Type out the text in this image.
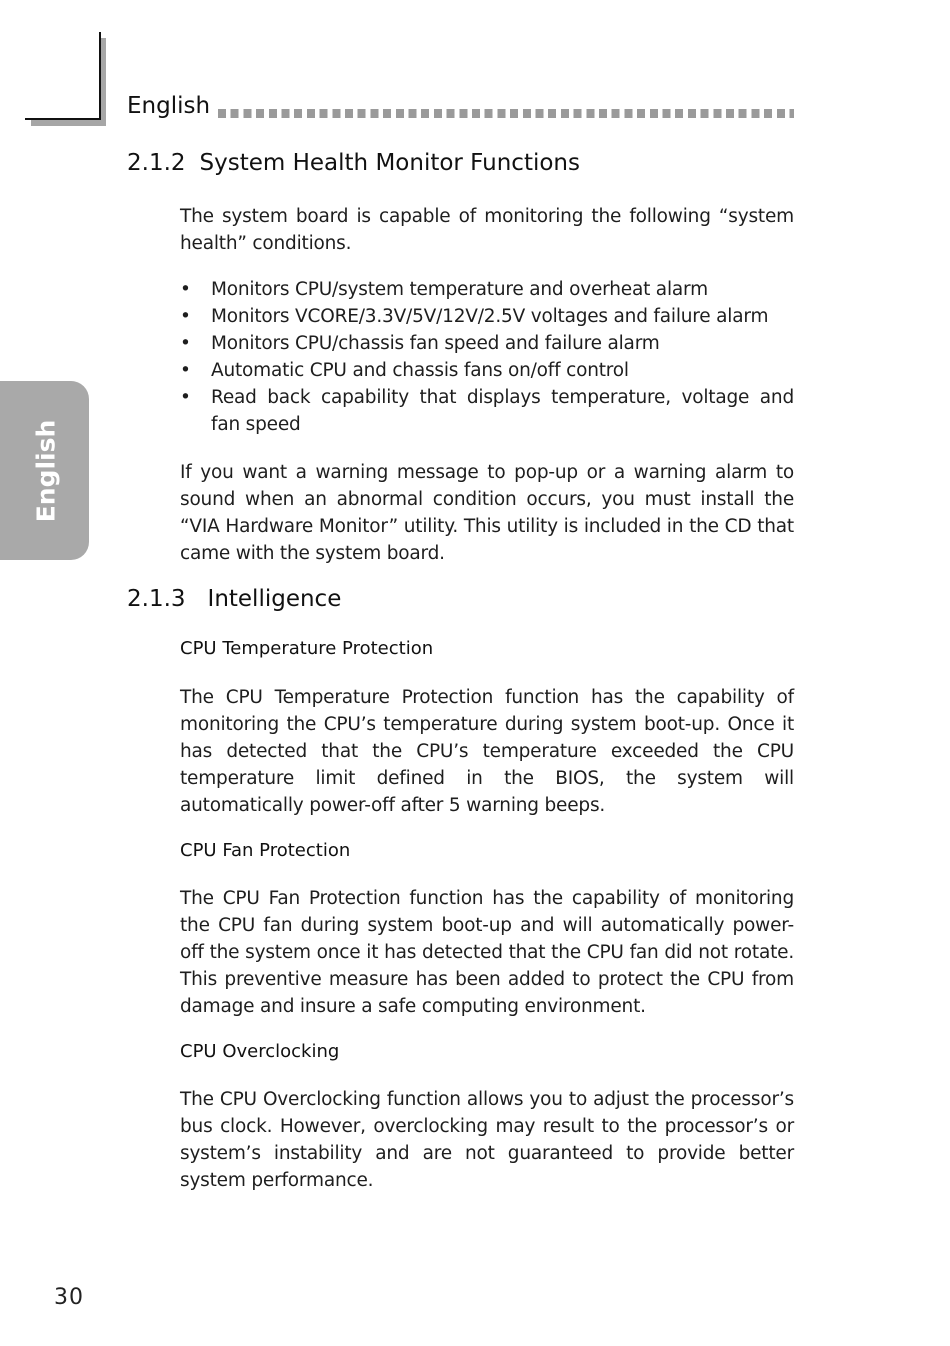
English
English
2.1.2 System Health Monitor Functions
The system board is capable of monitoring the following “system health” conditions.
•	Monitors CPU/system temperature and overheat alarm
•	Monitors VCORE/3.3V/5V/12V/2.5V voltages and failure alarm
•	Monitors CPU/chassis fan speed and failure alarm
•	Automatic CPU and chassis fans on/off control
•	Read back capability that displays temperature, voltage and fan speed
If you want a warning message to pop-up or a warning alarm to sound when an abnormal condition occurs, you must install the “VIA Hardware Monitor” utility. This utility is included in the CD that came with the system board.
2.1.3 Intelligence
CPU Temperature Protection
The CPU Temperature Protection function has the capability of monitoring the CPU’s temperature during system boot-up. Once it has detected that the CPU’s temperature exceeded the CPU temperature limit defined in the BIOS, the system will automatically power-off after 5 warning beeps.
CPU Fan Protection
The CPU Fan Protection function has the capability of monitoring the CPU fan during system boot-up and will automatically power-off the system once it has detected that the CPU fan did not rotate. This preventive measure has been added to protect the CPU from damage and insure a safe computing environment.
CPU Overclocking
The CPU Overclocking function allows you to adjust the processor’s bus clock. However, overclocking may result to the processor’s or system’s instability and are not guaranteed to provide better system performance.
30
